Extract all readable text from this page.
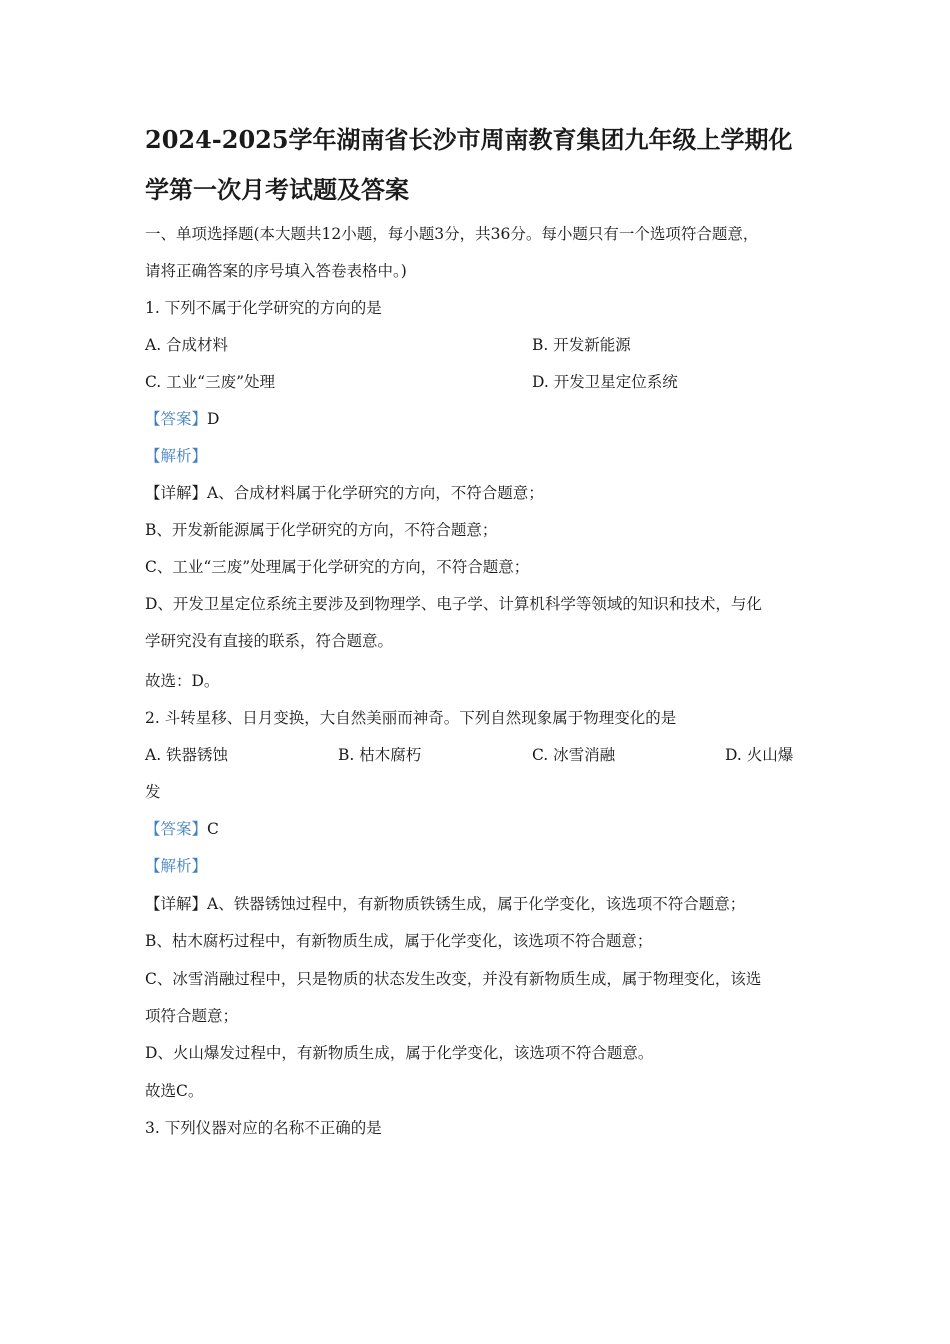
2024-2025学年湖南省长沙市周南教育集团九年级上学期化
学第一次月考试题及答案
一、单项选择题(本大题共12小题，每小题3分，共36分。每小题只有一个选项符合题意，
请将正确答案的序号填入答卷表格中。)
1. 下列不属于化学研究的方向的是
A. 合成材料	B. 开发新能源
C. 工业“三废”处理	D. 开发卫星定位系统
【答案】D
【解析】
【详解】A、合成材料属于化学研究的方向，不符合题意；
B、开发新能源属于化学研究的方向，不符合题意；
C、工业“三废”处理属于化学研究的方向，不符合题意；
D、开发卫星定位系统主要涉及到物理学、电子学、计算机科学等领域的知识和技术，与化
学研究没有直接的联系，符合题意。
故选：D。
2. 斗转星移、日月变换，大自然美丽而神奇。下列自然现象属于物理变化的是
A. 铁器锈蚀	B. 枯木腐朽	C. 冰雪消融	D. 火山爆
发
【答案】C
【解析】
【详解】A、铁器锈蚀过程中，有新物质铁锈生成，属于化学变化，该选项不符合题意；
B、枯木腐朽过程中，有新物质生成，属于化学变化，该选项不符合题意；
C、冰雪消融过程中，只是物质的状态发生改变，并没有新物质生成，属于物理变化，该选
项符合题意；
D、火山爆发过程中，有新物质生成，属于化学变化，该选项不符合题意。
故选C。
3. 下列仪器对应的名称不正确的是
